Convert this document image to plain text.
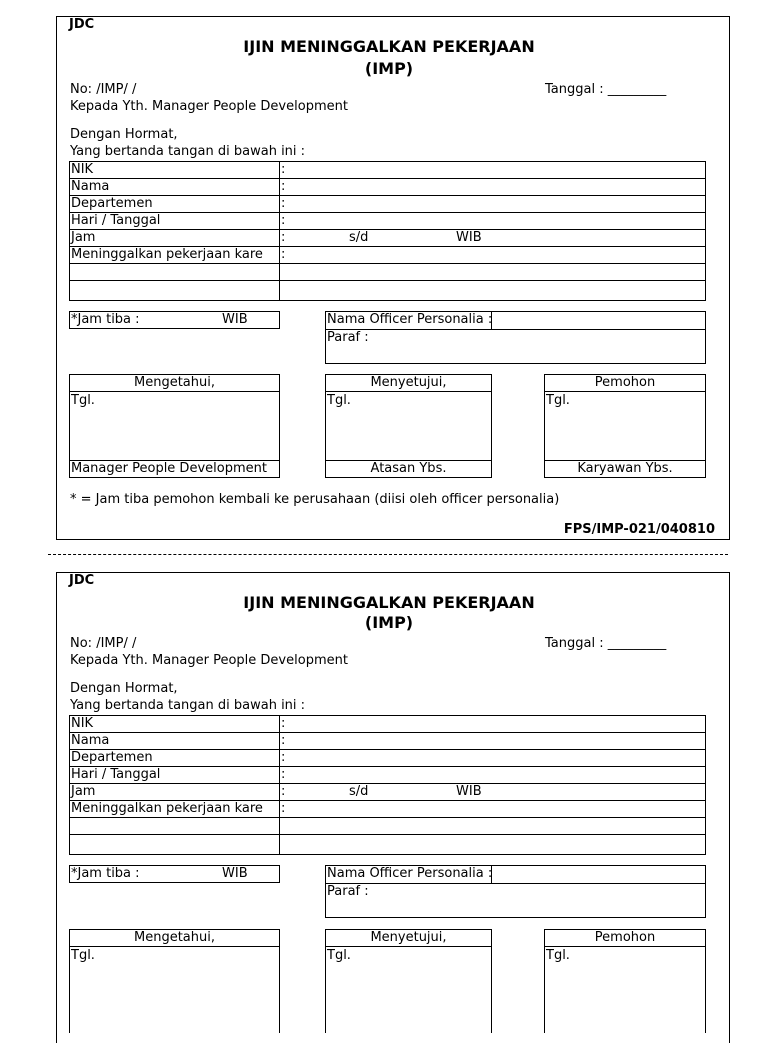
JDC
IJIN MENINGGALKAN PEKERJAAN
(IMP)
No: /IMP/ /	Tanggal : _________
Kepada Yth. Manager People Development
Dengan Hormat,
Yang bertanda tangan di bawah ini :
NIK	:
Nama	:
Departemen	:
Hari / Tanggal	:
Jam	:	s/d	WIB
Meninggalkan pekerjaan kare :
*Jam tiba :	WIB	Nama Officer Personalia :
Paraf :
Mengetahui,
Tgl.
Manager People Development
Menyetujui,
Tgl.
Atasan Ybs.
Pemohon
Tgl.
Karyawan Ybs.
* = Jam tiba pemohon kembali ke perusahaan (diisi oleh officer personalia)
FPS/IMP-021/040810
JDC
IJIN MENINGGALKAN PEKERJAAN
(IMP)
No: /IMP/ /	Tanggal : _________
Kepada Yth. Manager People Development
Dengan Hormat,
Yang bertanda tangan di bawah ini :
NIK	:
Nama	:
Departemen	:
Hari / Tanggal	:
Jam	:	s/d	WIB
Meninggalkan pekerjaan kare :
*Jam tiba :	WIB	Nama Officer Personalia :
Paraf :
Mengetahui,
Tgl.
Menyetujui,
Tgl.
Pemohon
Tgl.
